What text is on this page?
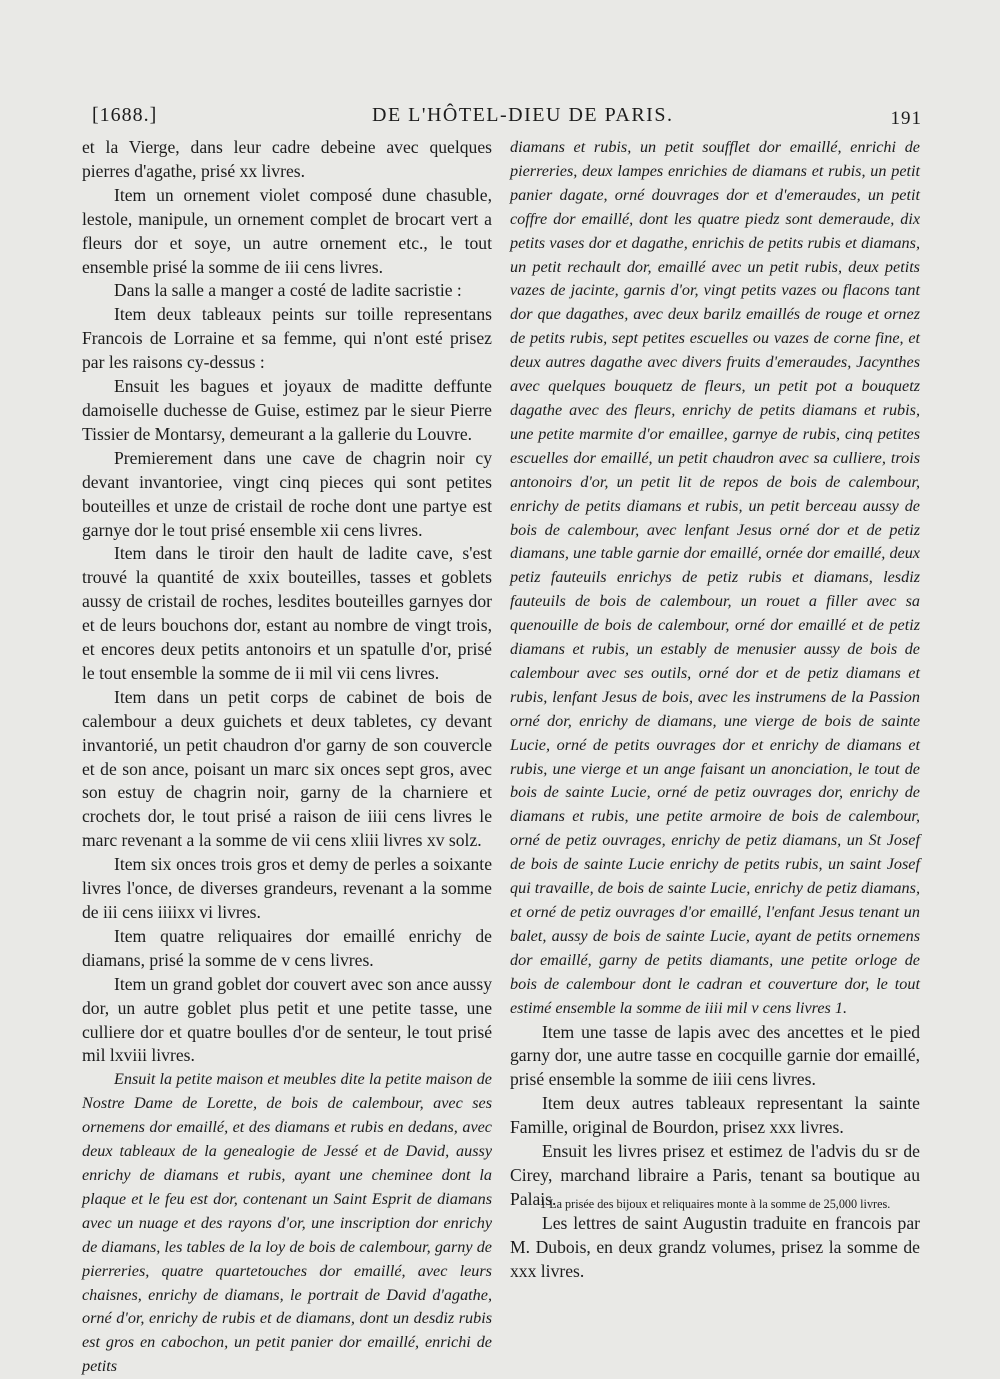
[1688.]	DE L'HÔTEL-DIEU DE PARIS.	191

et la Vierge, dans leur cadre debeine avec quelques pierres d'agathe, prisé xx livres.

Item un ornement violet composé dune chasuble, lestole, manipule, un ornement complet de brocart vert a fleurs dor et soye, un autre ornement etc., le tout ensemble prisé la somme de iii cens livres.

Dans la salle a manger a costé de ladite sacristie :

Item deux tableaux peints sur toille representans Francois de Lorraine et sa femme, qui n'ont esté prisez par les raisons cy-dessus :

Ensuit les bagues et joyaux de maditte deffunte damoiselle duchesse de Guise, estimez par le sieur Pierre Tissier de Montarsy, demeurant a la gallerie du Louvre.

Premierement dans une cave de chagrin noir cy devant invantoriee, vingt cinq pieces qui sont petites bouteilles et unze de cristail de roche dont une partye est garnye dor le tout prisé ensemble xii cens livres.

Item dans le tiroir den hault de ladite cave, s'est trouvé la quantité de xxix bouteilles, tasses et goblets aussy de cristail de roches, lesdites bouteilles garnyes dor et de leurs bouchons dor, estant au nombre de vingt trois, et encores deux petits antonoirs et un spatulle d'or, prisé le tout ensemble la somme de ii mil vii cens livres.

Item dans un petit corps de cabinet de bois de calembour a deux guichets et deux tabletes, cy devant invantorié, un petit chaudron d'or garny de son couvercle et de son ance, poisant un marc six onces sept gros, avec son estuy de chagrin noir, garny de la charniere et crochets dor, le tout prisé a raison de iiii cens livres le marc revenant a la somme de vii cens xliii livres xv solz.

Item six onces trois gros et demy de perles a soixante livres l'once, de diverses grandeurs, revenant a la somme de iii cens iiiixx vi livres.

Item quatre reliquaires dor emaillé enrichy de diamans, prisé la somme de v cens livres.

Item un grand goblet dor couvert avec son ance aussy dor, un autre goblet plus petit et une petite tasse, une culliere dor et quatre boulles d'or de senteur, le tout prisé mil lxviii livres.

Ensuit la petite maison et meubles dite la petite maison de Nostre Dame de Lorette, de bois de calembour, avec ses ornemens dor emaillé, et des diamans et rubis en dedans, avec deux tableaux de la genealogie de Jessé et de David, aussy enrichy de diamans et rubis, ayant une cheminee dont la plaque et le feu est dor, contenant un Saint Esprit de diamans avec un nuage et des rayons d'or, une inscription dor enrichy de diamans, les tables de la loy de bois de calembour, garny de pierreries, quatre quartetouches dor emaillé, avec leurs chaisnes, enrichy de diamans, le portrait de David d'agathe, orné d'or, enrichy de rubis et de diamans, dont un desdiz rubis est gros en cabochon, un petit panier dor emaillé, enrichi de petits

diamans et rubis, un petit soufflet dor emaillé, enrichi de pierreries, deux lampes enrichies de diamans et rubis, un petit panier dagate, orné douvrages dor et d'emeraudes, un petit coffre dor emaillé, dont les quatre piedz sont demeraude, dix petits vases dor et dagathe, enrichis de petits rubis et diamans, un petit rechault dor, emaillé avec un petit rubis, deux petits vazes de jacinte, garnis d'or, vingt petits vazes ou flacons tant dor que dagathes, avec deux barilz emaillés de rouge et ornez de petits rubis, sept petites escuelles ou vazes de corne fine, et deux autres dagathe avec divers fruits d'emeraudes, Jacynthes avec quelques bouquetz de fleurs, un petit pot a bouquetz dagathe avec des fleurs, enrichy de petits diamans et rubis, une petite marmite d'or emaillee, garnye de rubis, cinq petites escuelles dor emaillé, un petit chaudron avec sa culliere, trois antonoirs d'or, un petit lit de repos de bois de calembour, enrichy de petits diamans et rubis, un petit berceau aussy de bois de calembour, avec lenfant Jesus orné dor et de petiz diamans, une table garnie dor emaillé, ornée dor emaillé, deux petiz fauteuils enrichys de petiz rubis et diamans, lesdiz fauteuils de bois de calembour, un rouet a filler avec sa quenouille de bois de calembour, orné dor emaillé et de petiz diamans et rubis, un estably de menusier aussy de bois de calembour avec ses outils, orné dor et de petiz diamans et rubis, lenfant Jesus de bois, avec les instrumens de la Passion orné dor, enrichy de diamans, une vierge de bois de sainte Lucie, orné de petits ouvrages dor et enrichy de diamans et rubis, une vierge et un ange faisant un anonciation, le tout de bois de sainte Lucie, orné de petiz ouvrages dor, enrichy de diamans et rubis, une petite armoire de bois de calembour, orné de petiz ouvrages, enrichy de petiz diamans, un St Josef de bois de sainte Lucie enrichy de petits rubis, un saint Josef qui travaille, de bois de sainte Lucie, enrichy de petiz diamans, et orné de petiz ouvrages d'or emaillé, l'enfant Jesus tenant un balet, aussy de bois de sainte Lucie, ayant de petits ornemens dor emaillé, garny de petits diamants, une petite orloge de bois de calembour dont le cadran et couverture dor, le tout estimé ensemble la somme de iiii mil v cens livres 1.

Item une tasse de lapis avec des ancettes et le pied garny dor, une autre tasse en cocquille garnie dor emaillé, prisé ensemble la somme de iiii cens livres.

Item deux autres tableaux representant la sainte Famille, original de Bourdon, prisez xxx livres.

Ensuit les livres prisez et estimez de l'advis du sr de Cirey, marchand libraire a Paris, tenant sa boutique au Palais.

Les lettres de saint Augustin traduite en francois par M. Dubois, en deux grandz volumes, prisez la somme de xxx livres.

1 La prisée des bijoux et reliquaires monte à la somme de 25,000 livres.
